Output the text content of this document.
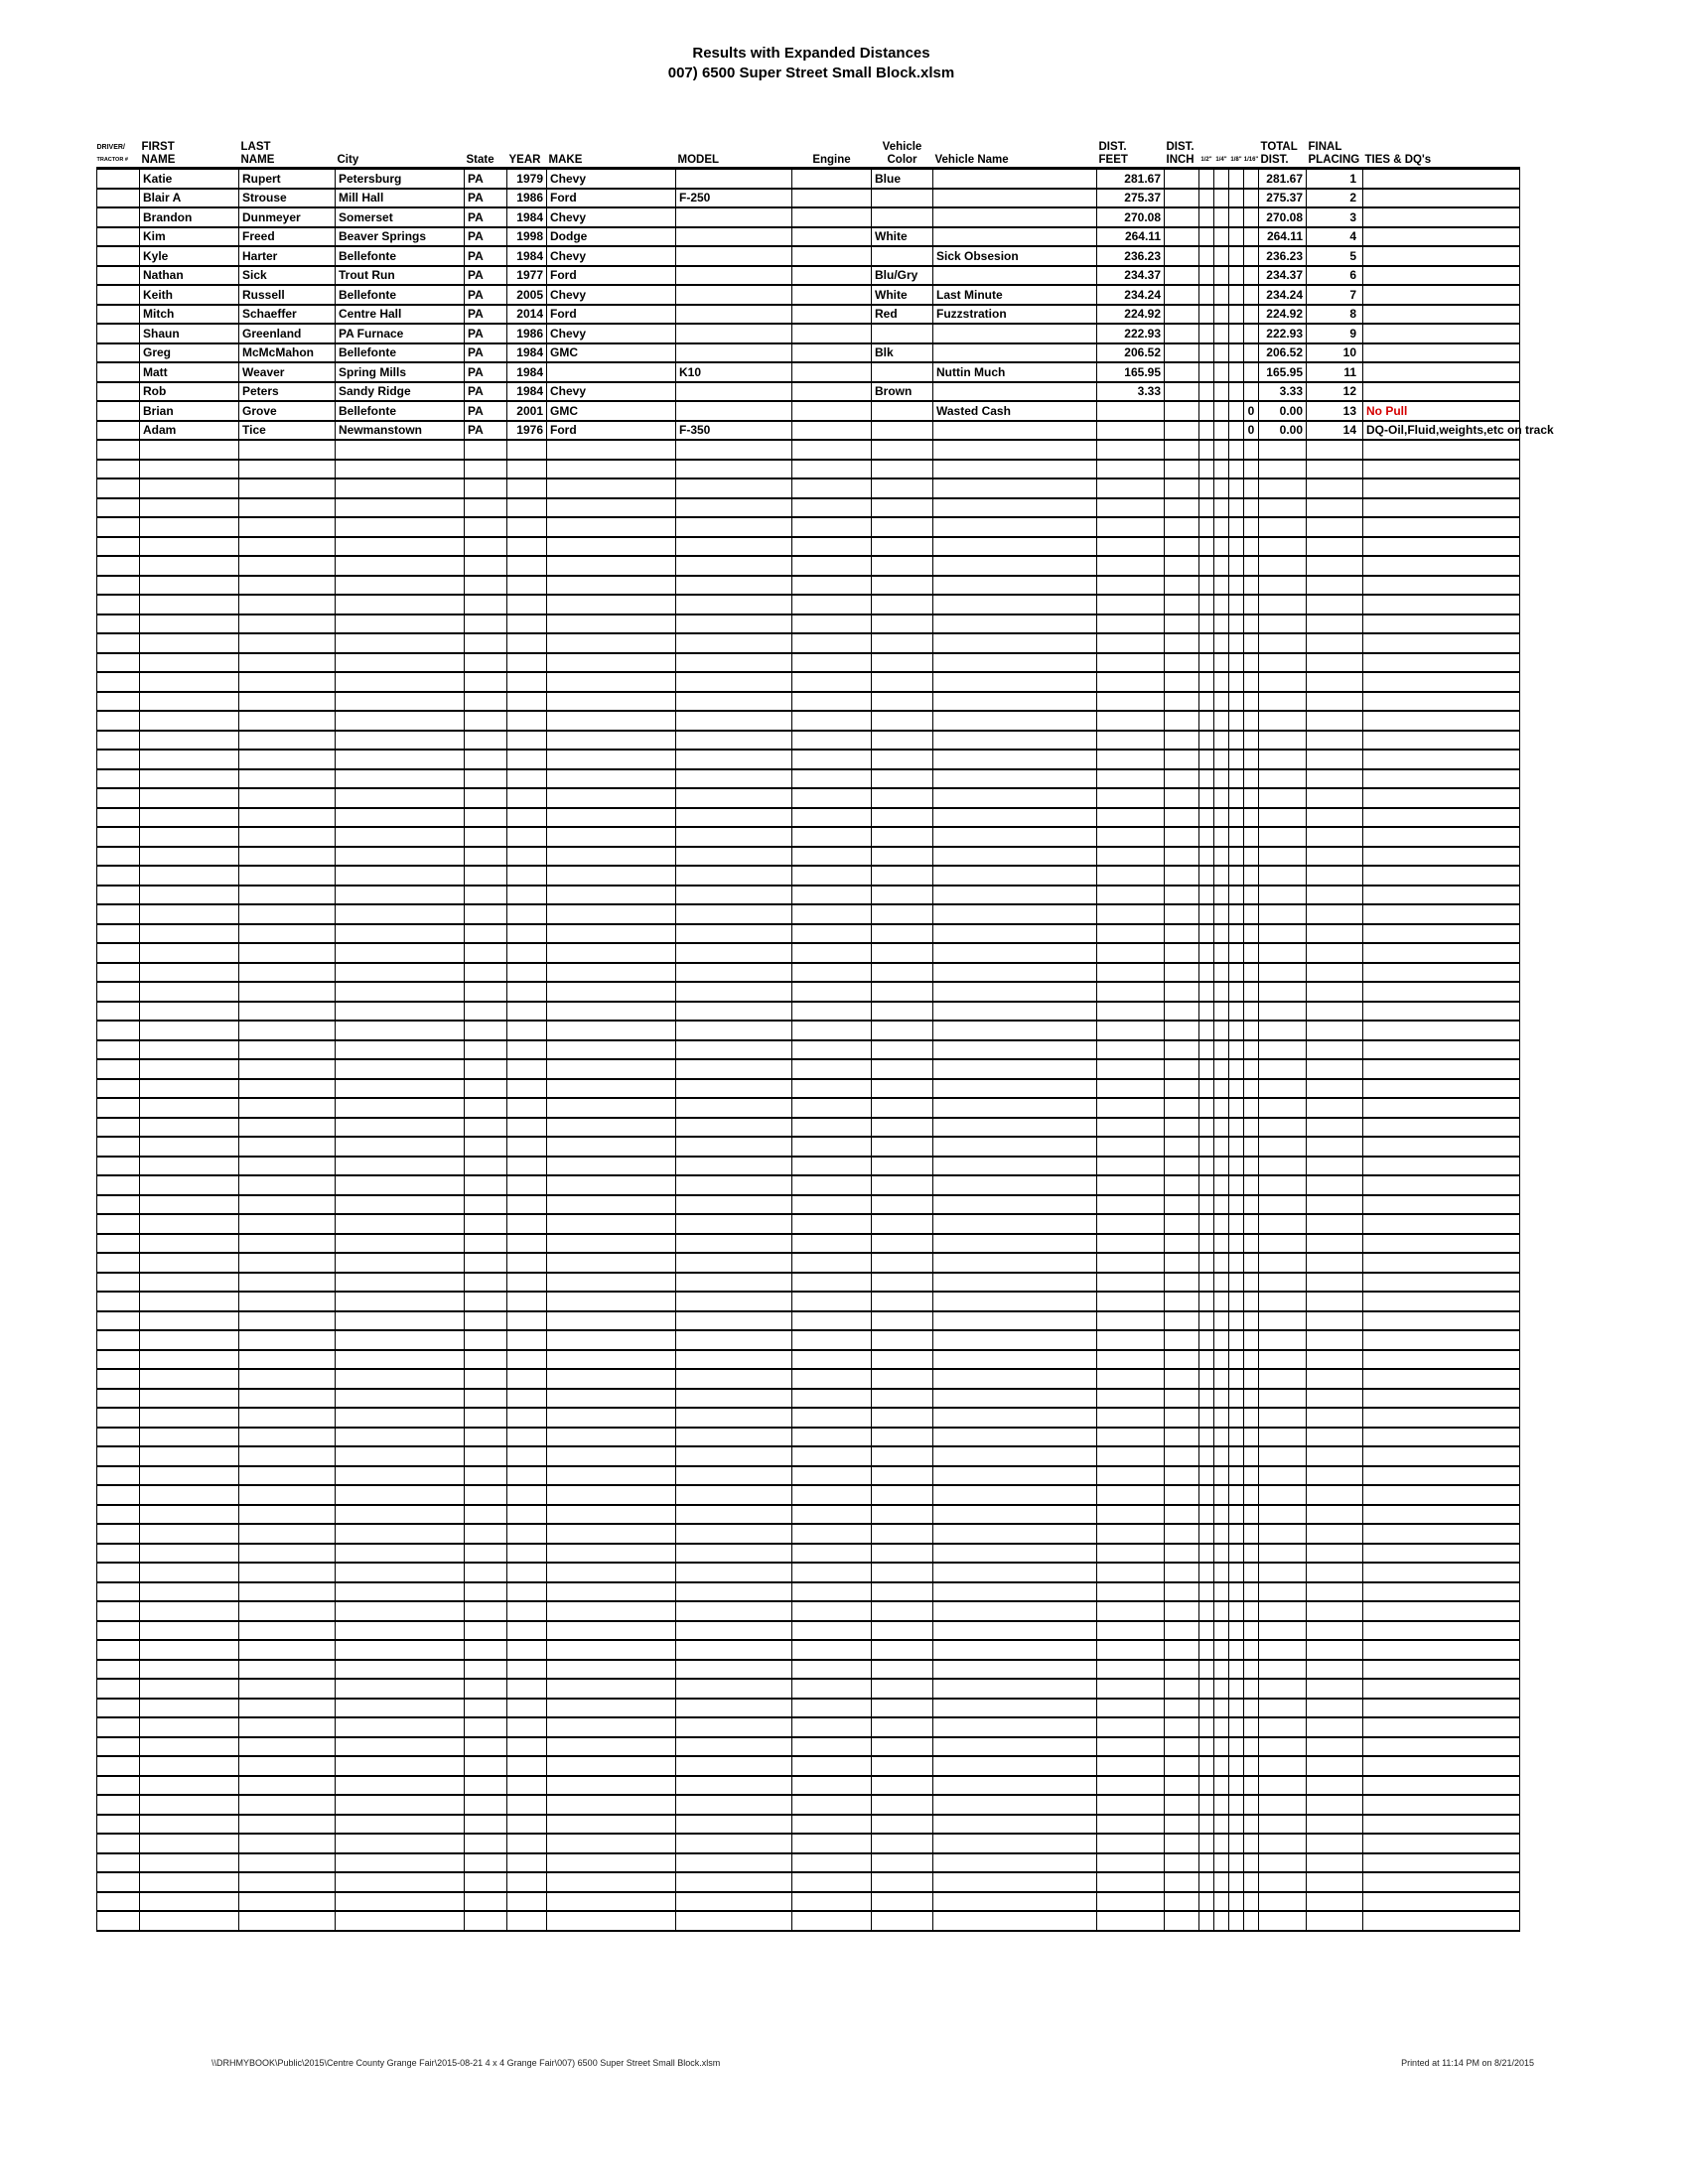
Results with Expanded Distances
007) 6500 Super Street Small Block.xlsm
DRIVER/	FIRST	LAST							Vehicle		DIST.	DIST.					TOTAL	FINAL	
TRACTOR #	NAME	NAME	City	State	YEAR	MAKE	MODEL	Engine	Color	Vehicle Name	FEET	INCH	1/2"	1/4"	1/8"	1/16"	DIST.	PLACING	TIES & DQ's
	Katie	Rupert	Petersburg	PA	1979	Chevy			Blue		281.67						281.67	1	
	Blair A	Strouse	Mill Hall	PA	1986	Ford	F-250				275.37						275.37	2	
	Brandon	Dunmeyer	Somerset	PA	1984	Chevy					270.08						270.08	3	
	Kim	Freed	Beaver Springs	PA	1998	Dodge			White		264.11						264.11	4	
	Kyle	Harter	Bellefonte	PA	1984	Chevy				Sick Obsesion	236.23						236.23	5	
	Nathan	Sick	Trout Run	PA	1977	Ford			Blu/Gry		234.37						234.37	6	
	Keith	Russell	Bellefonte	PA	2005	Chevy			White	Last Minute	234.24						234.24	7	
	Mitch	Schaeffer	Centre Hall	PA	2014	Ford			Red	Fuzzstration	224.92						224.92	8	
	Shaun	Greenland	PA Furnace	PA	1986	Chevy					222.93						222.93	9	
	Greg	McMcMahon	Bellefonte	PA	1984	GMC			Blk		206.52						206.52	10	
	Matt	Weaver	Spring Mills	PA	1984		K10			Nuttin Much	165.95						165.95	11	
	Rob	Peters	Sandy Ridge	PA	1984	Chevy			Brown		3.33						3.33	12	
	Brian	Grove	Bellefonte	PA	2001	GMC				Wasted Cash						0	0.00	13	No Pull
	Adam	Tice	Newmanstown	PA	1976	Ford	F-350									0	0.00	14	DQ-Oil,Fluid,weights,etc on track

\\DRHMYBOOK\Public\2015\Centre County Grange Fair\2015-08-21 4 x 4 Grange Fair\007) 6500 Super Street Small Block.xlsm	Printed at 11:14 PM on 8/21/2015
